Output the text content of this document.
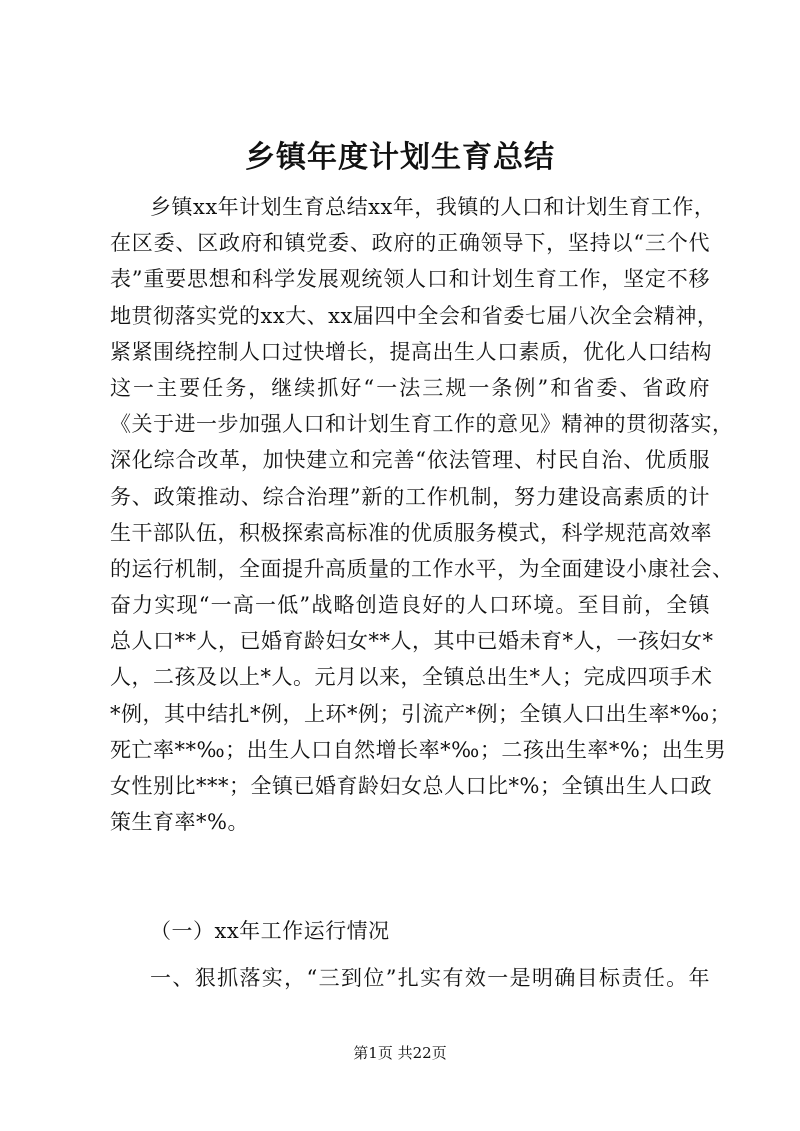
乡镇年度计划生育总结
乡镇xx年计划生育总结xx年，我镇的人口和计划生育工作，
在区委、区政府和镇党委、政府的正确领导下，坚持以“三个代
表”重要思想和科学发展观统领人口和计划生育工作，坚定不移
地贯彻落实党的xx大、xx届四中全会和省委七届八次全会精神，
紧紧围绕控制人口过快增长，提高出生人口素质，优化人口结构
这一主要任务，继续抓好“一法三规一条例”和省委、省政府
《关于进一步加强人口和计划生育工作的意见》精神的贯彻落实，
深化综合改革，加快建立和完善“依法管理、村民自治、优质服
务、政策推动、综合治理”新的工作机制，努力建设高素质的计
生干部队伍，积极探索高标准的优质服务模式，科学规范高效率
的运行机制，全面提升高质量的工作水平，为全面建设小康社会、
奋力实现“一高一低”战略创造良好的人口环境。至目前，全镇
总人口**人，已婚育龄妇女**人，其中已婚未育*人，一孩妇女*
人，二孩及以上*人。元月以来，全镇总出生*人；完成四项手术
*例，其中结扎*例，上环*例；引流产*例；全镇人口出生率*‰；
死亡率**‰；出生人口自然增长率*‰；二孩出生率*%；出生男
女性别比***；全镇已婚育龄妇女总人口比*%；全镇出生人口政
策生育率*%。
（一）xx年工作运行情况
一、狠抓落实，“三到位”扎实有效一是明确目标责任。年
第1页 共22页
